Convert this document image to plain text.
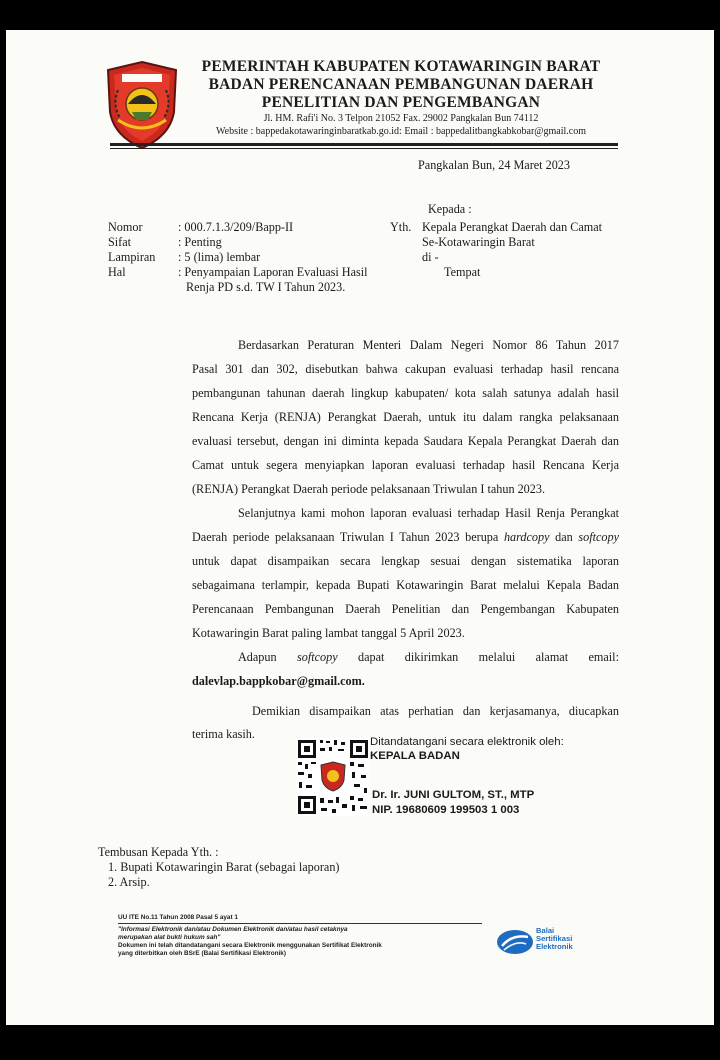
PEMERINTAH KABUPATEN KOTAWARINGIN BARAT
BADAN PERENCANAAN PEMBANGUNAN DAERAH
PENELITIAN DAN PENGEMBANGAN
Jl. HM. Rafi'i No. 3 Telpon 21052 Fax. 29002 Pangkalan Bun 74112
Website : bappedakotawaringinbaratkab.go.id: Email : bappedalitbangkabkobar@gmail.com
Pangkalan Bun, 24 Maret 2023
Kepada :
Nomor	: 000.7.1.3/209/Bapp-II	Yth. Kepala Perangkat Daerah dan Camat
Sifat	: Penting	Se-Kotawaringin Barat
Lampiran : 5 (lima) lembar	di -
Hal	: Penyampaian Laporan Evaluasi Hasil	Tempat
Renja PD s.d. TW I Tahun 2023.
Berdasarkan Peraturan Menteri Dalam Negeri Nomor 86 Tahun 2017
Pasal 301 dan 302, disebutkan bahwa cakupan evaluasi terhadap hasil rencana
pembangunan tahunan daerah lingkup kabupaten/ kota salah satunya adalah hasil
Rencana Kerja (RENJA) Perangkat Daerah, untuk itu dalam rangka pelaksanaan
evaluasi tersebut, dengan ini diminta kepada Saudara Kepala Perangkat Daerah dan
Camat untuk segera menyiapkan laporan evaluasi terhadap hasil Rencana Kerja
(RENJA) Perangkat Daerah periode pelaksanaan Triwulan I tahun 2023.
Selanjutnya kami mohon laporan evaluasi terhadap Hasil Renja Perangkat
Daerah periode pelaksanaan Triwulan I Tahun 2023 berupa hardcopy dan softcopy
untuk dapat disampaikan secara lengkap sesuai dengan sistematika laporan
sebagaimana terlampir, kepada Bupati Kotawaringin Barat melalui Kepala Badan
Perencanaan Pembangunan Daerah Penelitian dan Pengembangan Kabupaten
Kotawaringin Barat paling lambat tanggal 5 April 2023.
Adapun softcopy dapat dikirimkan melalui alamat email:
dalevlap.bappkobar@gmail.com.
Demikian disampaikan atas perhatian dan kerjasamanya, diucapkan
terima kasih.
Ditandatangani secara elektronik oleh:
KEPALA BADAN
Dr. Ir. JUNI GULTOM, ST., MTP
NIP. 19680609 199503 1 003
Tembusan Kepada Yth. :
1. Bupati Kotawaringin Barat (sebagai laporan)
2. Arsip.
UU ITE No.11 Tahun 2008 Pasal 5 ayat 1
"Informasi Elektronik dan/atau Dokumen Elektronik dan/atau hasil cetaknya
merupakan alat bukti hukum sah"
Dokumen ini telah ditandatangani secara Elektronik menggunakan Sertifikat Elektronik
yang diterbitkan oleh BSrE (Balai Sertifikasi Elektronik)
Balai
Sertifikasi
Elektronik
